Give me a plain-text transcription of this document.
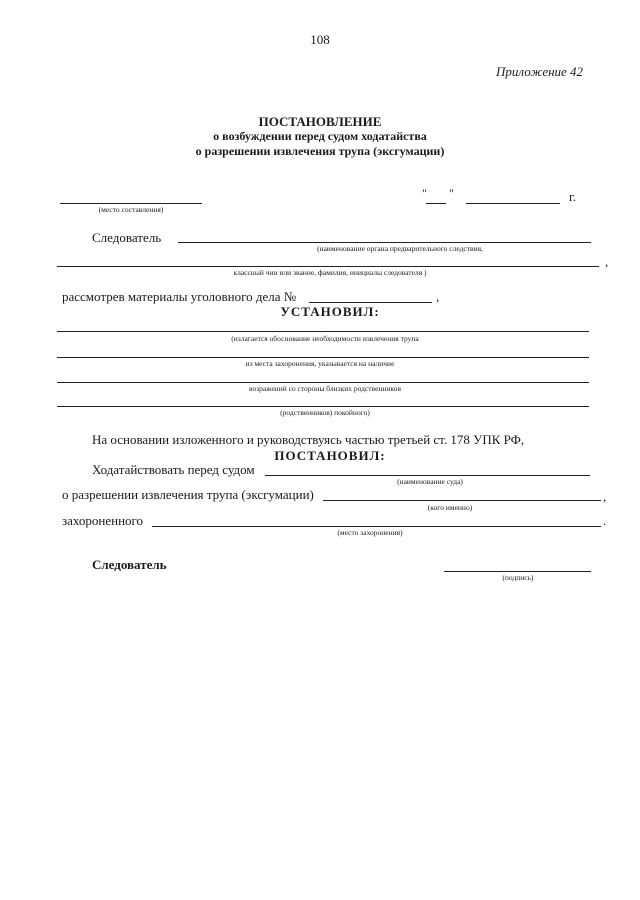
108
Приложение 42
ПОСТАНОВЛЕНИЕ
о возбуждении перед судом ходатайства
о разрешении извлечения трупа (эксгумации)
(место составления)
" "	г.
Следователь
(наименование органа предварительного следствия,
,
классный чин или звание, фамилия, инициалы следователя )
рассмотрев материалы уголовного дела №	,
УСТАНОВИЛ:
(излагается обоснование необходимости извлечения трупа
из места захоронения, указывается на наличие
возражений со стороны близких родственников
(родственников) покойного)
На основании изложенного и руководствуясь частью третьей ст. 178 УПК РФ,
ПОСТАНОВИЛ:
Ходатайствовать перед судом
(наименование суда)
о разрешении извлечения трупа (эксгумации)	,
(кого именно)
захороненного	.
(место захоронения)
Следователь
(подпись)
